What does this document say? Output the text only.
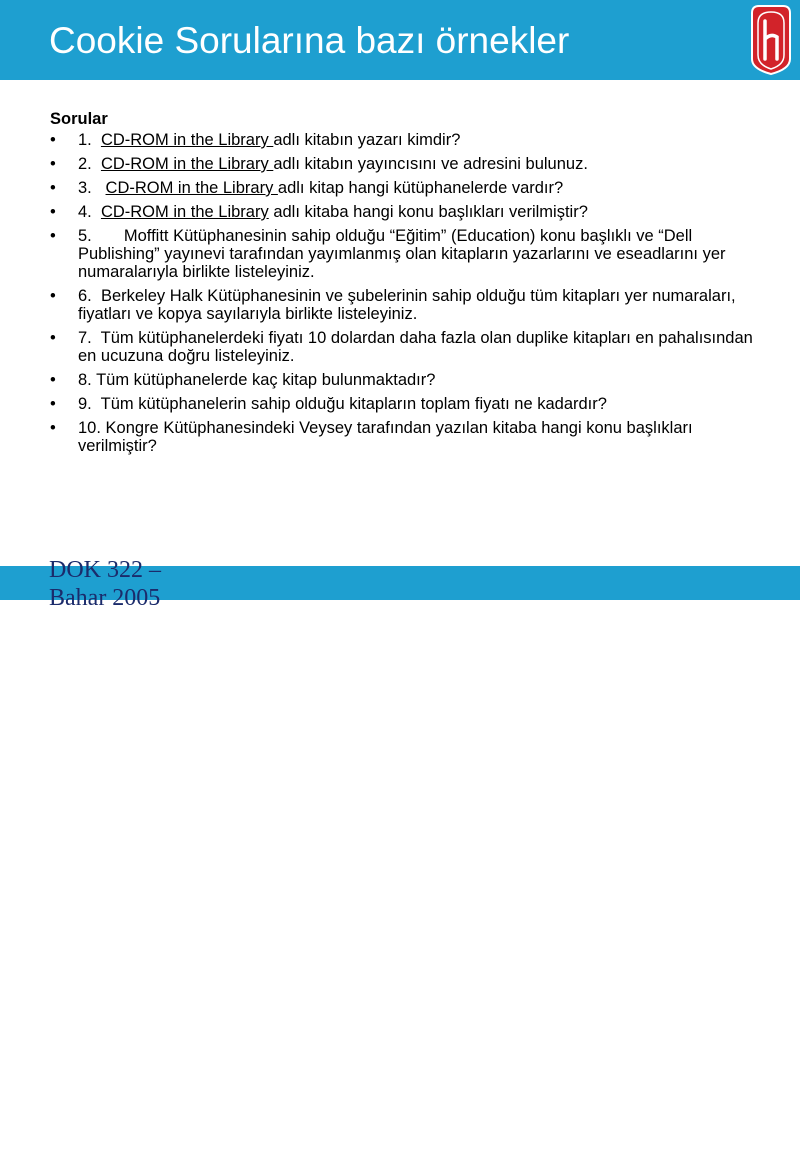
Cookie Sorularına bazı örnekler
Sorular
• 1. CD-ROM in the Library adlı kitabın yazarı kimdir?
• 2. CD-ROM in the Library adlı kitabın yayıncısını ve adresini bulunuz.
• 3. CD-ROM in the Library adlı kitap hangi kütüphanelerde vardır?
• 4. CD-ROM in the Library adlı kitaba hangi konu başlıkları verilmiştir?
• 5. Moffitt Kütüphanesinin sahip olduğu “Eğitim” (Education) konu başlıklı ve “Dell Publishing” yayınevi tarafından yayımlanmış olan kitapların yazarlarını ve eseadlarını yer numaralarıyla birlikte listeleyiniz.
• 6. Berkeley Halk Kütüphanesinin ve şubelerinin sahip olduğu tüm kitapları yer numaraları, fiyatları ve kopya sayılarıyla birlikte listeleyiniz.
• 7. Tüm kütüphanelerdeki fiyatı 10 dolardan daha fazla olan duplike kitapları en pahalısından en ucuzuna doğru listeleyiniz.
• 8. Tüm kütüphanelerde kaç kitap bulunmaktadır?
• 9. Tüm kütüphanelerin sahip olduğu kitapların toplam fiyatı ne kadardır?
• 10. Kongre Kütüphanesindeki Veysey tarafından yazılan kitaba hangi konu başlıkları verilmiştir?
2005.02.21 - SLAYT 71
DOK 322 – Bahar 2005
